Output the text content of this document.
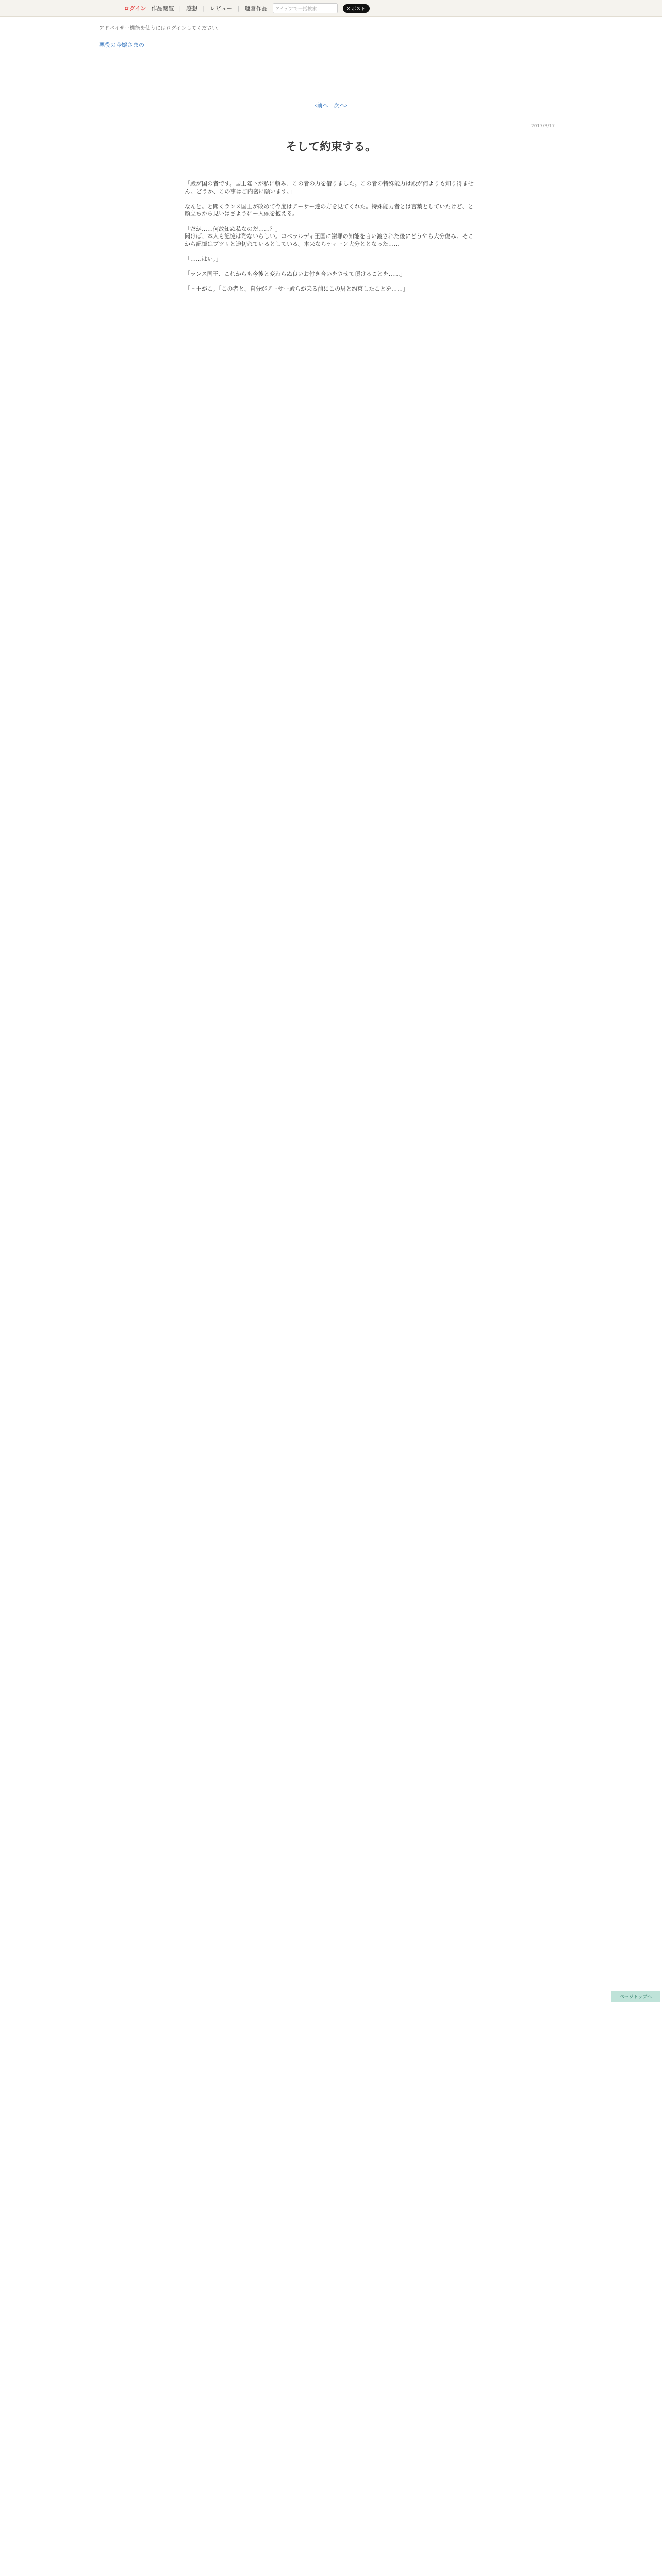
ログイン 作品閲覧 | 感想 | レビュー | 運営作品	アイデアで一括検索	X ポスト
アドバイザー機能を使うにはログインしてください。
悪役の今嬢さまの
‹前へ　次へ›
2017/3/17
そして約束する。

「殿が国の者です。国王陛下が私に頼み、この者の力を借りました。この者の特殊能力は殿が何よりも知り得ません。どうか、この事はご内密に願います。」

なんと。と聞くランス国王が改めて今度はアーサー達の方を見てくれた。特殊能力者とは言葉としていたけど、と顔立ちから見いはさようにー人頭を抱える。

「だが……何故知ぬ私なのだ……？」

聞けば、本人も記憶は殆ないらしい。コペラルディ王国に謝罪の知能を言い渡された後にどうやら大分傷み。そこから記憶はブツリと途切れているとしている。本来ならティーン大分ととなった……

「……はい。」

「ランス国王、これからも今後と変わらぬ良いお付き合いをさせて頂けることを……」

「国王がこ。「この者と、自分がアーサー殿らが来る前にこの男と約束したことを……」

ページトップへ
